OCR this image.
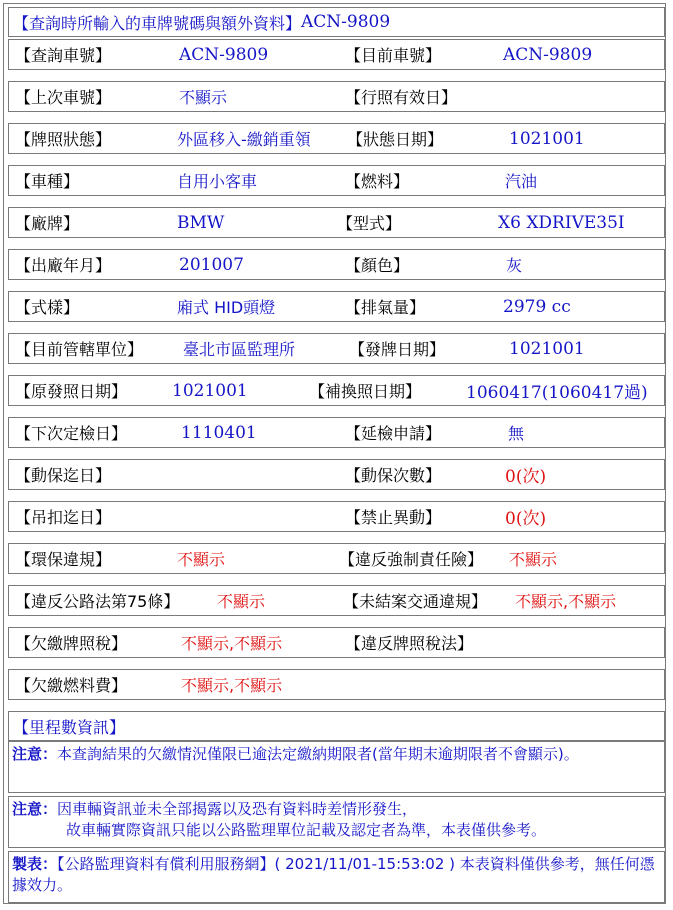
【查詢時所輸入的車牌號碼與額外資料】 ACN-9809
【查詢車號】	ACN-9809	【目前車號】	ACN-9809
【上次車號】	不顯示	【行照有效日】
【牌照狀態】	外區移入-繳銷重領 【狀態日期】	1021001
【車種】	自用小客車	【燃料】	汽油
【廠牌】	BMW	【型式】	X6 XDRIVE35I
【出廠年月】	201007	【顏色】	灰
【式樣】	廂式 HID頭燈	【排氣量】	2979 cc
【目前管轄單位】 臺北市區監理所	【發牌日期】	1021001
【原發照日期】	1021001	【補換照日期】	1060417(1060417過)
【下次定檢日】	1110401	【延檢申請】	無
【動保迄日】	【動保次數】	0(次)
【吊扣迄日】	【禁止異動】	0(次)
【環保違規】	不顯示	【違反強制責任險】 不顯示
【違反公路法第75條】 不顯示	【未結案交通違規】 不顯示,不顯示
【欠繳牌照稅】	不顯示,不顯示	【違反牌照稅法】
【欠繳燃料費】	不顯示,不顯示
【里程數資訊】
注意：本查詢結果的欠繳情況僅限已逾法定繳納期限者(當年期末逾期限者不會顯示)。
注意：因車輛資訊並未全部揭露以及恐有資料時差情形發生，
故車輛實際資訊只能以公路監理單位記載及認定者為準，本表僅供參考。
製表：【公路監理資料有償利用服務網】( 2021/11/01-15:53:02 ) 本表資料僅供參考，無任何憑據效力。
